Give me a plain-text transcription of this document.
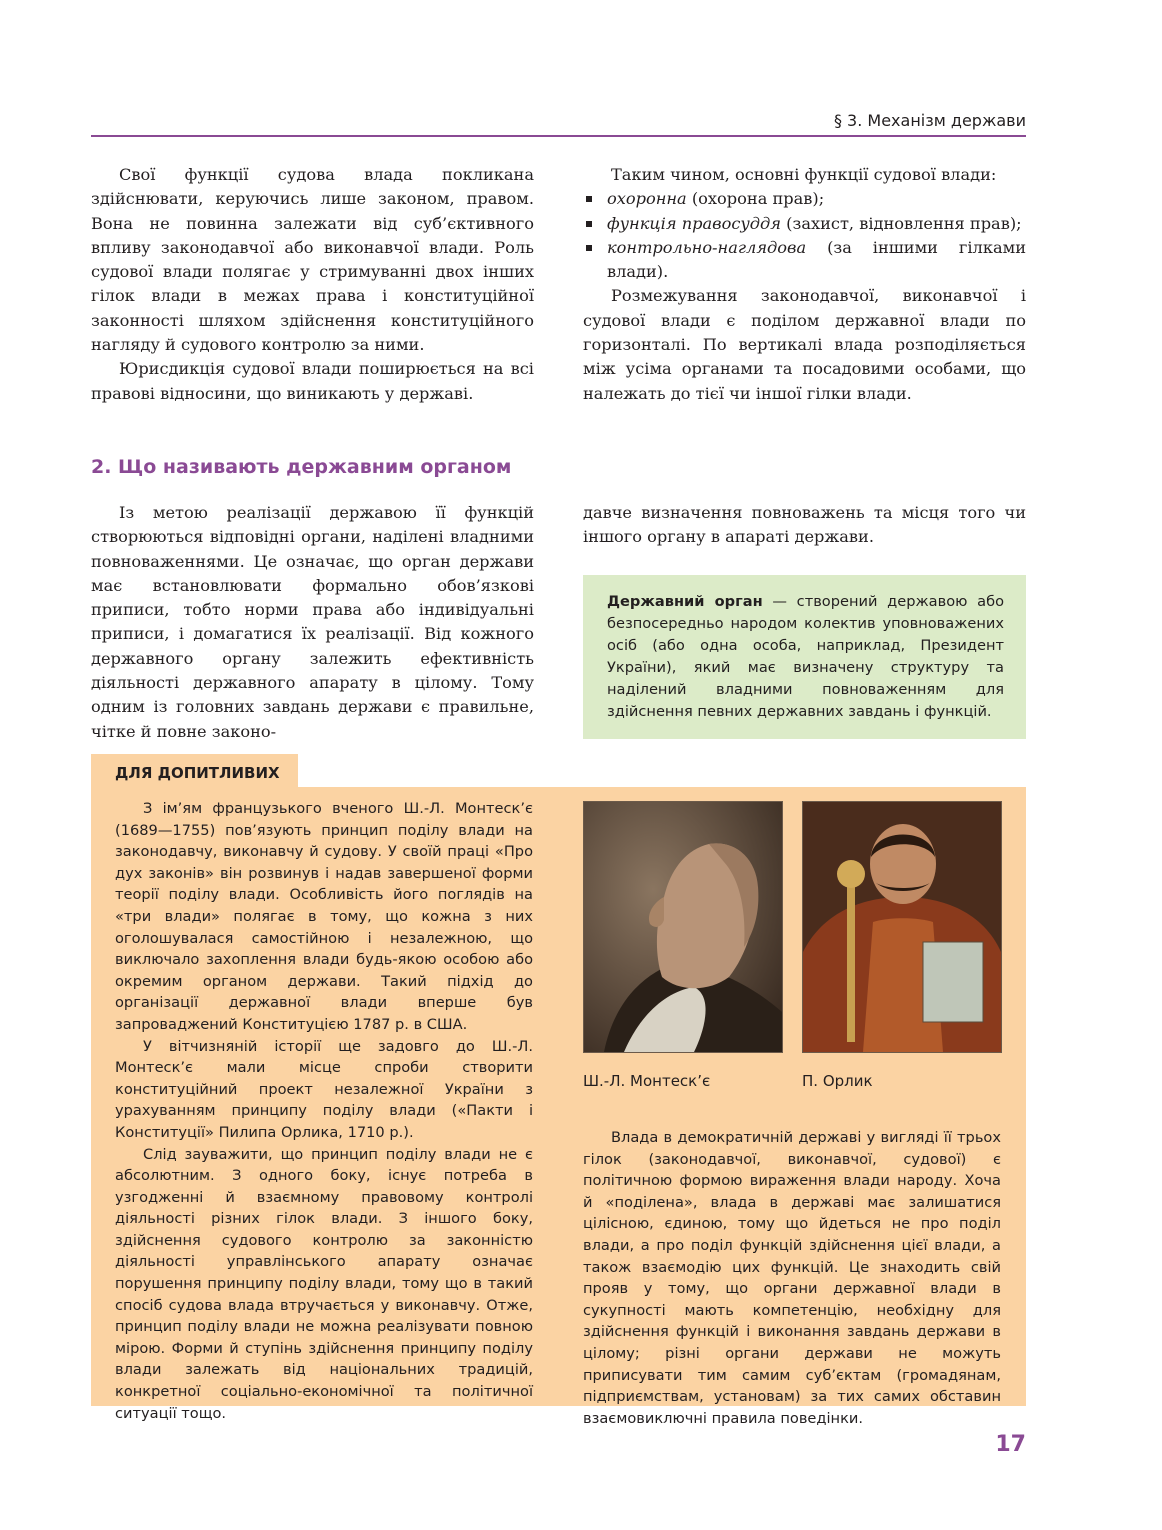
§ 3. Механізм держави

Свої функції судова влада покликана здійснювати, керуючись лише законом, правом. Вона не повинна залежати від суб’єктивного впливу законодавчої або виконавчої влади. Роль судової влади полягає у стримуванні двох інших гілок влади в межах права і конституційної законності шляхом здійснення конституційного нагляду й судового контролю за ними.

Юрисдикція судової влади поширюється на всі правові відносини, що виникають у державі.

Таким чином, основні функції судової влади:

охоронна (охорона прав);
функція правосуддя (захист, відновлення прав);
контрольно-наглядова (за іншими гілками влади).

Розмежування законодавчої, виконавчої і судової влади є поділом державної влади по горизонталі. По вертикалі влада розподіляється між усіма органами та посадовими особами, що належать до тієї чи іншої гілки влади.

2. Що називають державним органом

Із метою реалізації державою її функцій створюються відповідні органи, наділені владними повноваженнями. Це означає, що орган держави має встановлювати формально обов’язкові приписи, тобто норми права або індивідуальні приписи, і домагатися їх реалізації. Від кожного державного органу залежить ефективність діяльності державного апарату в цілому. Тому одним із головних завдань держави є правильне, чітке й повне законо-

давче визначення повноважень та місця того чи іншого органу в апараті держави.

Державний орган — створений державою або безпосередньо народом колектив уповноважених осіб (або одна особа, наприклад, Президент України), який має визначену структуру та наділений владними повноваженням для здійснення певних державних завдань і функцій.
ДЛЯ ДОПИТЛИВИХ

З ім’ям французького вченого Ш.-Л. Монтеск’є (1689—1755) пов’язують принцип поділу влади на законодавчу, виконавчу й судову. У своїй праці «Про дух законів» він розвинув і надав завершеної форми теорії поділу влади. Особливість його поглядів на «три влади» полягає в тому, що кожна з них оголошувалася самостійною і незалежною, що виключало захоплення влади будь-якою особою або окремим органом держави. Такий підхід до організації державної влади вперше був запроваджений Конституцією 1787 р. в США.

У вітчизняній історії ще задовго до Ш.-Л. Монтеск’є мали місце спроби створити конституційний проект незалежної України з урахуванням принципу поділу влади («Пакти і Конституції» Пилипа Орлика, 1710 р.).

Слід зауважити, що принцип поділу влади не є абсолютним. З одного боку, існує потреба в узгодженні й взаємному правовому контролі діяльності різних гілок влади. З іншого боку, здійснення судового контролю за законністю діяльності управлінського апарату означає порушення принципу поділу влади, тому що в такий спосіб судова влада втручається у виконавчу. Отже, принцип поділу влади не можна реалізувати повною мірою. Форми й ступінь здійснення принципу поділу влади залежать від національних традицій, конкретної соціально-економічної та політичної ситуації тощо.

Ш.-Л. Монтеск’є	П. Орлик

Влада в демократичній державі у вигляді її трьох гілок (законодавчої, виконавчої, судової) є політичною формою вираження влади народу. Хоча й «поділена», влада в державі має залишатися цілісною, єдиною, тому що йдеться не про поділ влади, а про поділ функцій здійснення цієї влади, а також взаємодію цих функцій. Це знаходить свій прояв у тому, що органи державної влади в сукупності мають компетенцію, необхідну для здійснення функцій і виконання завдань держави в цілому; різні органи держави не можуть приписувати тим самим суб’єктам (громадянам, підприємствам, установам) за тих самих обставин взаємовиключні правила поведінки.

17
